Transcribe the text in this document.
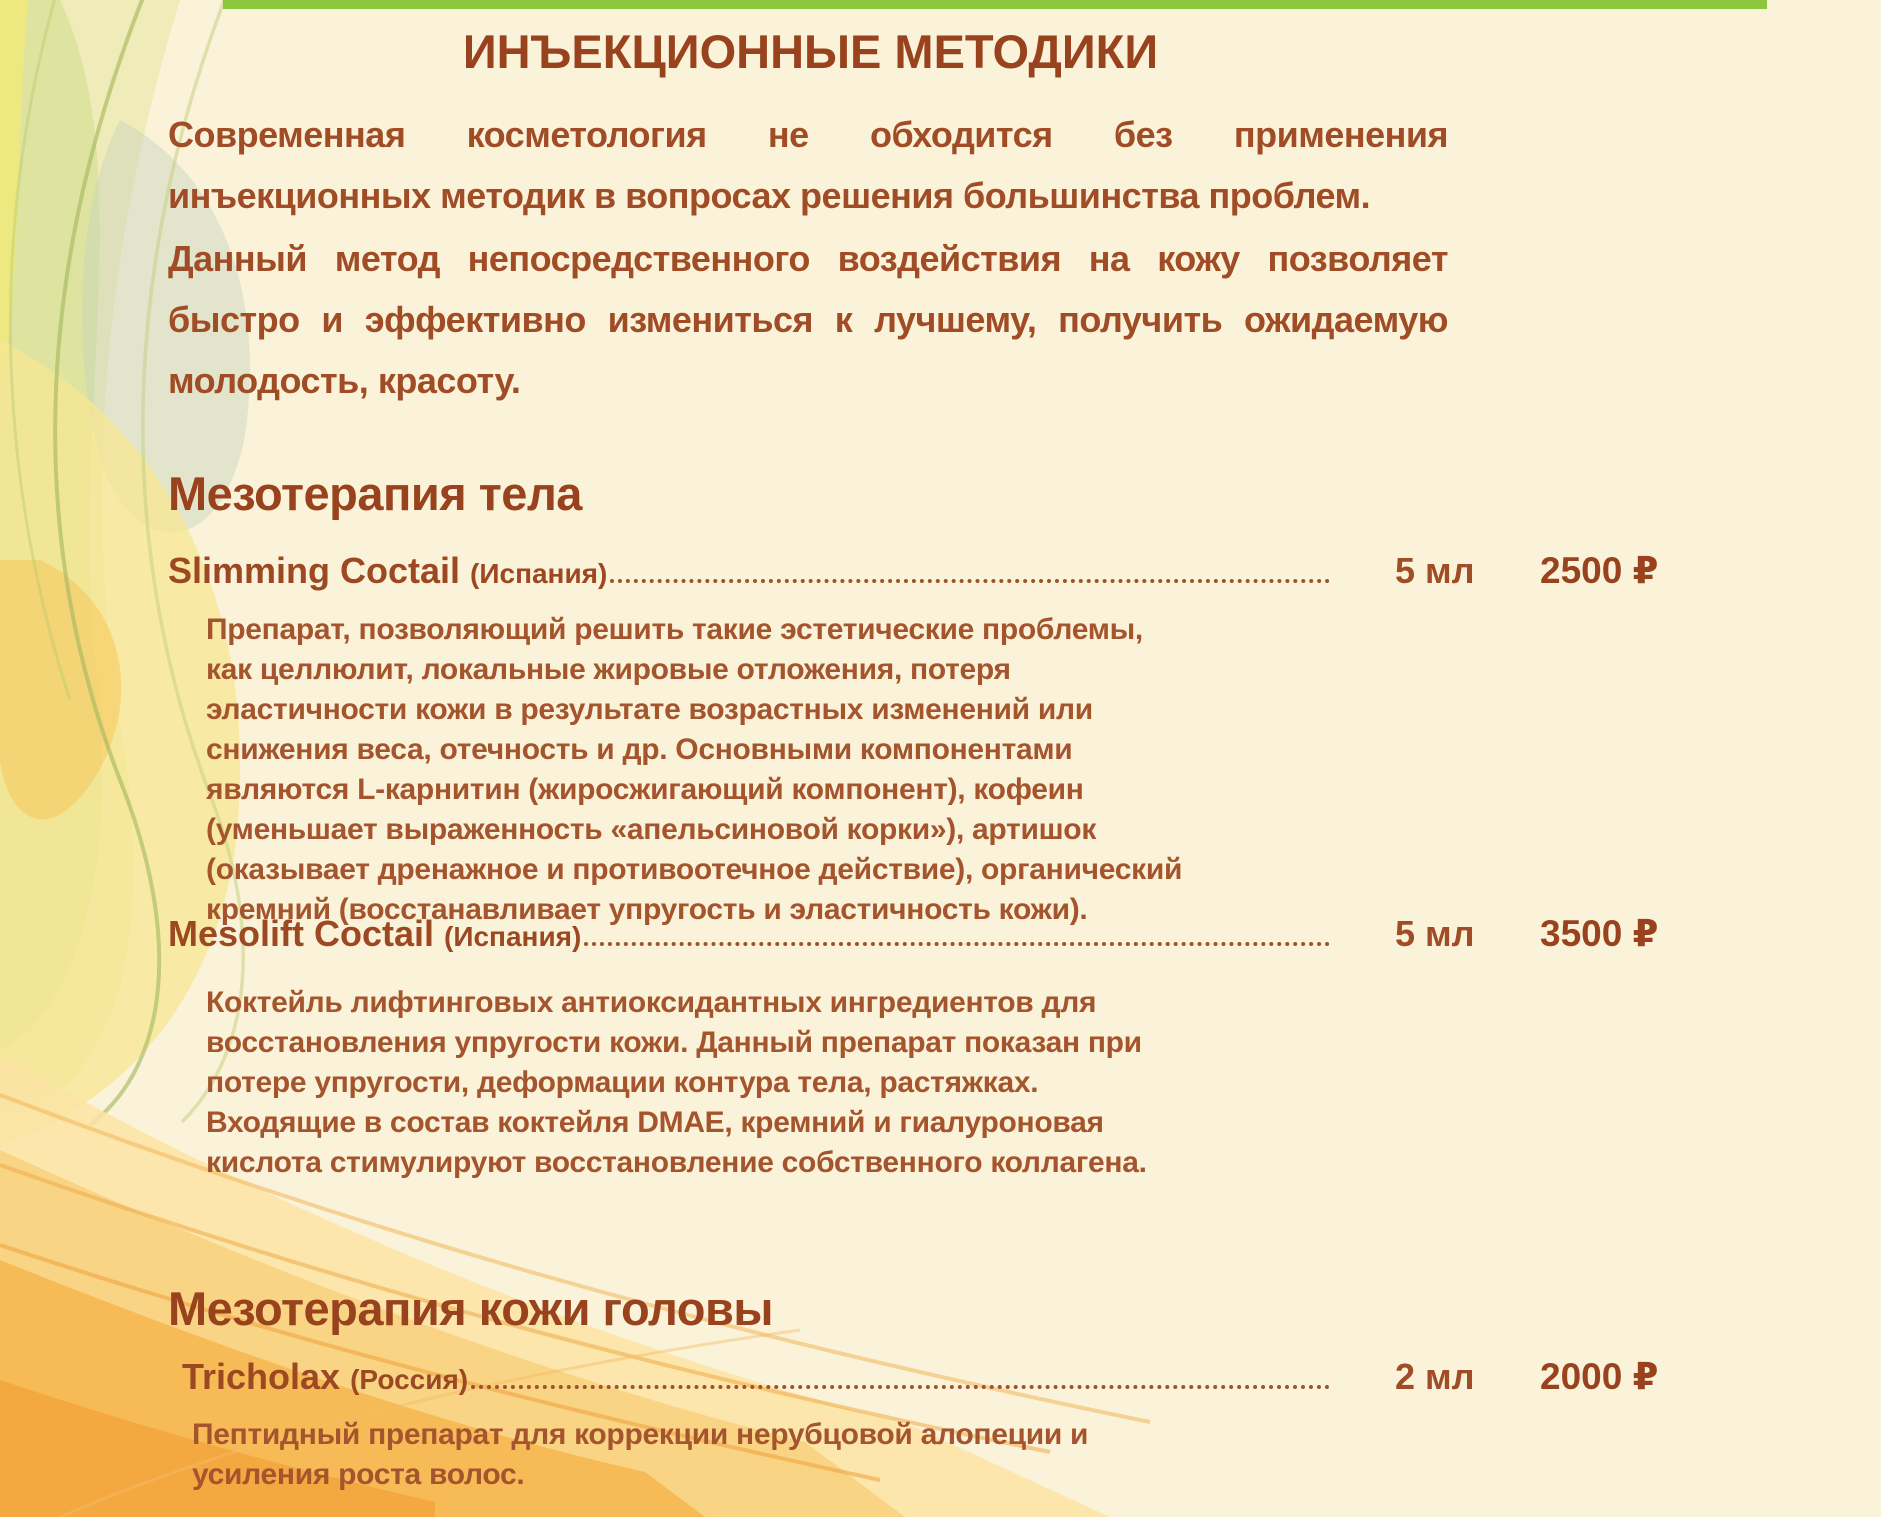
ИНЪЕКЦИОННЫЕ МЕТОДИКИ

Современная косметология не обходится без применения инъекционных методик в вопросах решения большинства проблем.

Данный метод непосредственного воздействия на кожу позволяет быстро и эффективно измениться к лучшему, получить ожидаемую молодость, красоту.

Мезотерапия тела
Slimming Coctail (Испания)	5 мл	2500 ₽

Препарат, позволяющий решить такие эстетические проблемы, как целлюлит, локальные жировые отложения, потеря эластичности кожи в результате возрастных изменений или снижения веса, отечность и др. Основными компонентами являются L-карнитин (жиросжигающий компонент), кофеин (уменьшает выраженность «апельсиновой корки»), артишок (оказывает дренажное и противоотечное действие), органический кремний (восстанавливает упругость и эластичность кожи).

Mesolift Coctail (Испания)	5 мл	3500 ₽

Коктейль лифтинговых антиоксидантных ингредиентов для восстановления упругости кожи. Данный препарат показан при потере упругости, деформации контура тела, растяжках. Входящие в состав коктейля DMAE, кремний и гиалуроновая кислота стимулируют восстановление собственного коллагена.

Мезотерапия кожи головы
Tricholax (Россия)	2 мл	2000 ₽

Пептидный препарат для коррекции нерубцовой алопеции и усиления роста волос.
